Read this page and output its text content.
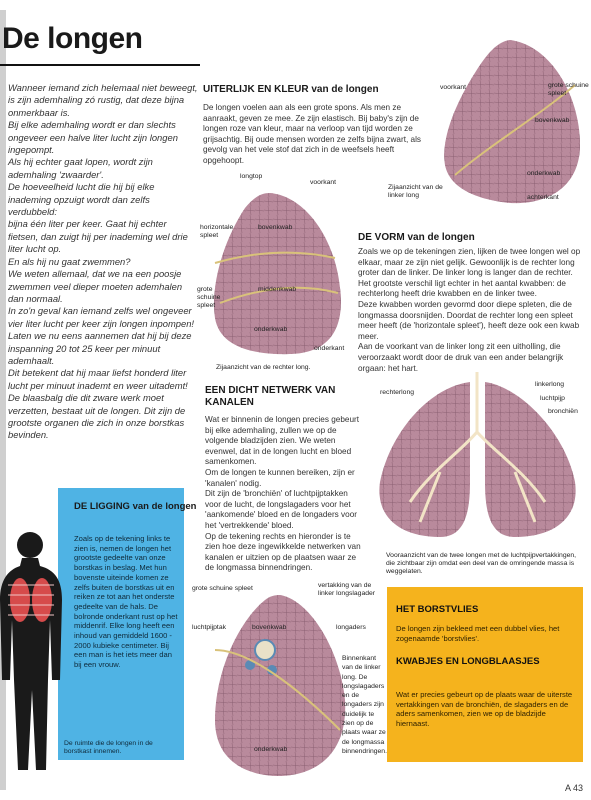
De longen

Wanneer iemand zich helemaal niet beweegt, is zijn ademhaling zó rustig, dat deze bijna onmerkbaar is.

Bij elke ademhaling wordt er dan slechts ongeveer een halve liter lucht zijn longen ingepompt.

Als hij echter gaat lopen, wordt zijn ademhaling 'zwaarder'.

De hoeveelheid lucht die hij bij elke inademing opzuigt wordt dan zelfs verdubbeld:

bijna één liter per keer. Gaat hij echter fietsen, dan zuigt hij per inademing wel drie liter lucht op.

En als hij nu gaat zwemmen?

We weten allemaal, dat we na een poosje zwemmen veel dieper moeten ademhalen dan normaal.

In zo'n geval kan iemand zelfs wel ongeveer vier liter lucht per keer zijn longen inpompen!

Laten we nu eens aannemen dat hij bij deze inspanning 20 tot 25 keer per minuut ademhaalt.

Dit betekent dat hij maar liefst honderd liter lucht per minuut inademt en weer uitademt!

De blaasbalg die dit zware werk moet verzetten, bestaat uit de longen. Dit zijn de grootste organen die zich in onze borstkas bevinden.

UITERLIJK EN KLEUR van de longen
De longen voelen aan als een grote spons. Als men ze aanraakt, geven ze mee. Ze zijn elastisch. Bij baby's zijn de longen roze van kleur, maar na verloop van tijd worden ze grijsachtig. Bij oude mensen worden ze zelfs bijna zwart, als gevolg van het vele stof dat zich in de weefsels heeft opgehoopt.
voorkant	grote schuine spleet
bovenkwab
onderkwab
achterkant
Zijaanzicht van de linker long
longtop
voorkant
horizontale spleet
bovenkwab
grote schuine spleet
middenkwab
onderkwab
onderkant
Zijaanzicht van de rechter long.
DE VORM van de longen

Zoals we op de tekeningen zien, lijken de twee longen wel op elkaar, maar ze zijn niet gelijk. Gewoonlijk is de rechter long groter dan de linker. De linker long is langer dan de rechter.

Het grootste verschil ligt echter in het aantal kwabben: de rechterlong heeft drie kwabben en de linker twee.

Deze kwabben worden gevormd door diepe spleten, die de longmassa doorsnijden. Doordat de rechter long een spleet meer heeft (de 'horizontale spleet'), heeft deze ook een kwab meer.

Aan de voorkant van de linker long zit een uitholling, die veroorzaakt wordt door de druk van een ander belangrijk orgaan: het hart.

EEN DICHT NETWERK VAN KANALEN

Wat er binnenin de longen precies gebeurt bij elke ademhaling, zullen we op de volgende bladzijden zien. We weten evenwel, dat in de longen lucht en bloed samenkomen.

Om de longen te kunnen bereiken, zijn er 'kanalen' nodig.

Dit zijn de 'bronchiën' of luchtpijptakken voor de lucht, de longslagaders voor het 'aankomende' bloed en de longaders voor het 'vertrekkende' bloed.

Op de tekening rechts en hieronder is te zien hoe deze ingewikkelde netwerken van kanalen er uitzien op de plaatsen waar ze de longmassa binnendringen.

rechterlong
linkerlong
luchtpijp
bronchiën
Vooraanzicht van de twee longen met de luchtpijpvertakkingen, die zichtbaar zijn omdat een deel van de omringende massa is weggelaten.
grote schuine spleet	vertakking van de linker longslagader
luchtpijptak	bovenkwab	longaders
onderkwab
Binnenkant van de linker long. De longslagaders en de longaders zijn duidelijk te zien op de plaats waar ze de longmassa binnendringen.
DE LIGGING van de longen
Zoals op de tekening links te zien is, nemen de longen het grootste gedeelte van onze borstkas in beslag. Met hun bovenste uiteinde komen ze zelfs buiten de borstkas uit en reiken ze tot aan het onderste gedeelte van de hals. De bolronde onderkant rust op het middenrif. Elke long heeft een inhoud van gemiddeld 1600 - 2000 kubieke centimeter. Bij een man is het iets meer dan bij een vrouw.
De ruimte die de longen in de borstkast innemen.
HET BORSTVLIES
De longen zijn bekleed met een dubbel vlies, het zogenaamde 'borstvlies'.
KWABJES EN LONGBLAASJES
Wat er precies gebeurt op de plaats waar de uiterste vertakkingen van de bronchiën, de slagaders en de aders samenkomen, zien we op de bladzijde hiernaast.
A 43
